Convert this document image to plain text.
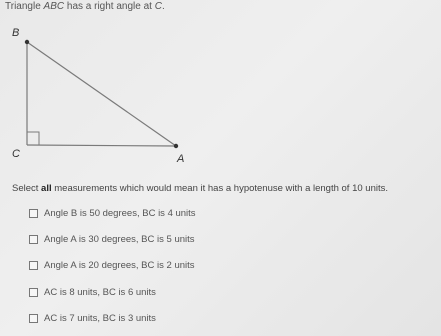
Triangle ABC has a right angle at C.
B
C	A
Select all measurements which would mean it has a hypotenuse with a length of 10 units.
Angle B is 50 degrees, BC is 4 units
Angle A is 30 degrees, BC is 5 units
Angle A is 20 degrees, BC is 2 units
AC is 8 units, BC is 6 units
AC is 7 units, BC is 3 units
